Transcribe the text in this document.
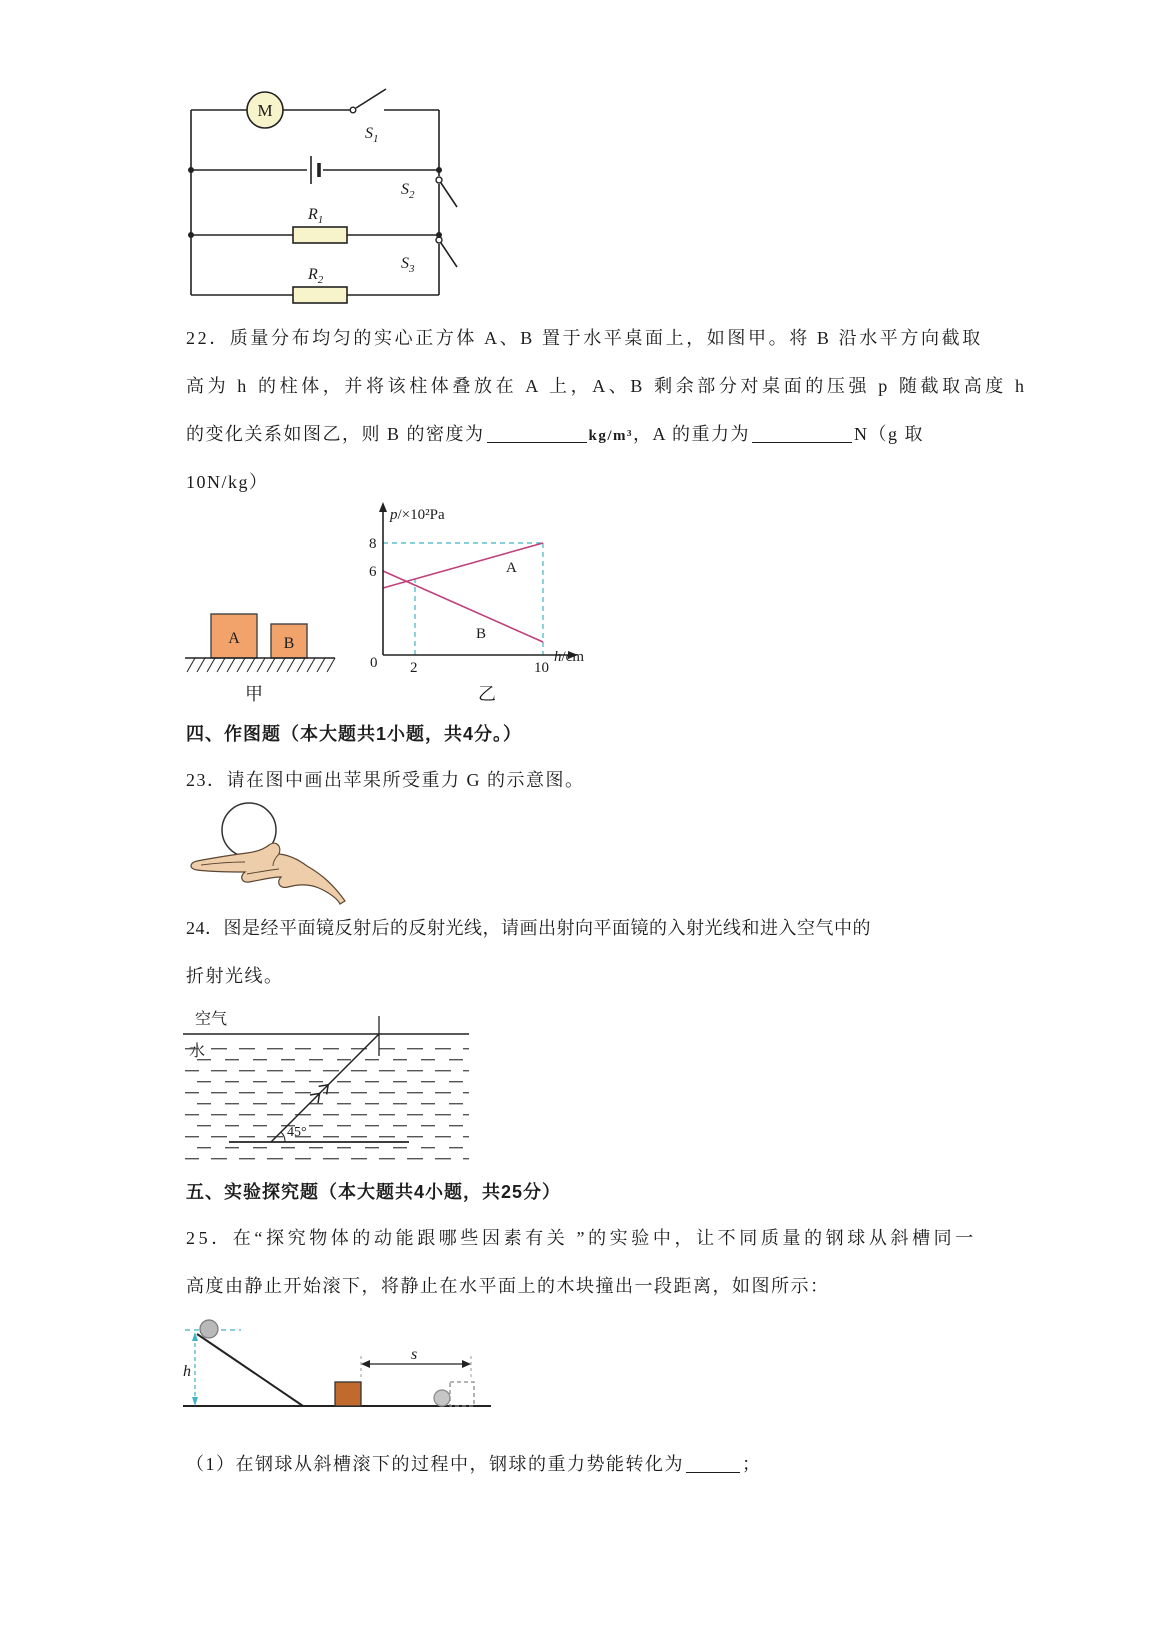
M
$S_1$
$S_2$
$S_3$
$R_1$
$R_2$
22．质量分布均匀的实心正方体 A、B 置于水平桌面上，如图甲。将 B 沿水平方向截取
高为 h 的柱体，并将该柱体叠放在 A 上，A、B 剩余部分对桌面的压强 p 随截取高度 h
的变化关系如图乙，则 B 的密度为	kg/m³，A 的重力为	N（g 取
10N/kg）
A	B
甲
p/×10²Pa
8
6
0 2	10
h/cm
A
B
乙
四、作图题（本大题共1小题，共4分。）
23．请在图中画出苹果所受重力 G 的示意图。
24．图是经平面镜反射后的反射光线，请画出射向平面镜的入射光线和进入空气中的
折射光线。
空气
45°
五、实验探究题（本大题共4小题，共25分）
25．在“探究物体的动能跟哪些因素有关 ”的实验中，让不同质量的钢球从斜槽同一
高度由静止开始滚下，将静止在水平面上的木块撞出一段距离，如图所示：
h
s
（1）在钢球从斜槽滚下的过程中，钢球的重力势能转化为	；
